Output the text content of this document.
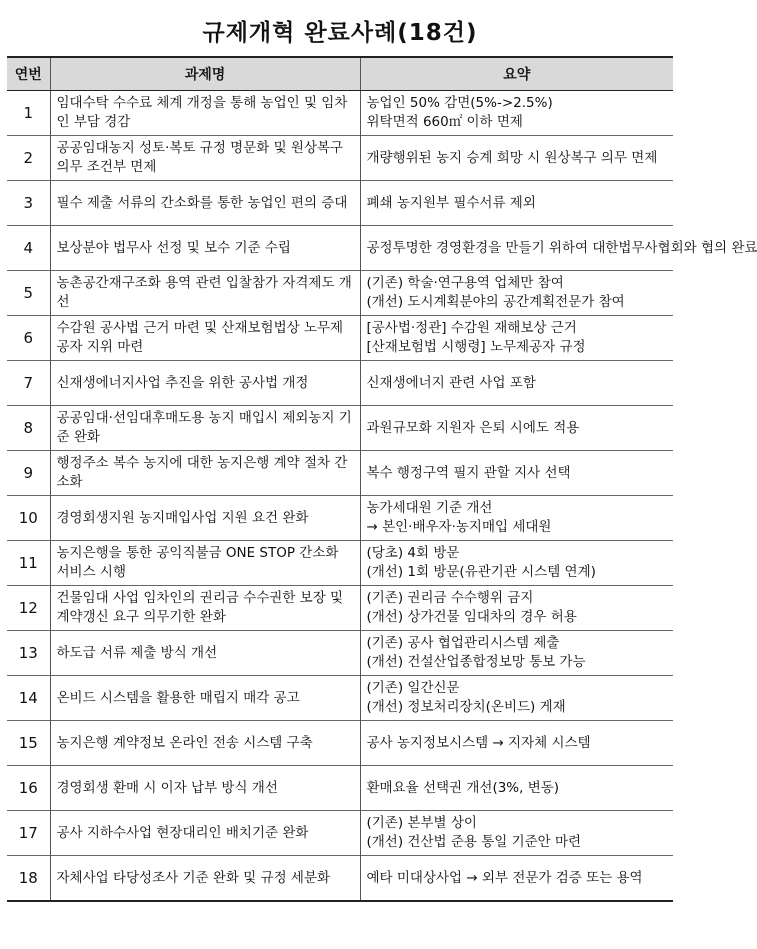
규제개혁 완료사례(18건)
연번	과제명	요약
1	임대수탁 수수료 체계 개정을 통해 농업인 및 임차인 부담 경감	농업인 50% 감면(5%->2.5%)
위탁면적 660㎡ 이하 면제

2	공공임대농지 성토·복토 규정 명문화 및 원상복구 의무 조건부 면제	개량행위된 농지 승계 희망 시 원상복구 의무 면제

3	필수 제출 서류의 간소화를 통한 농업인 편의 증대	폐쇄 농지원부 필수서류 제외

4	보상분야 법무사 선정 및 보수 기준 수립	공정투명한 경영환경을 만들기 위하여 대한법무사협회와 협의 완료

5	농촌공간재구조화 용역 관련 입찰참가 자격제도 개선	(기존) 학술·연구용역 업체만 참여
(개선) 도시계획분야의 공간계획전문가 참여

6	수감원 공사법 근거 마련 및 산재보험법상 노무제공자 지위 마련	[공사법·정관] 수감원 재해보상 근거
[산재보험법 시행령] 노무제공자 규정

7	신재생에너지사업 추진을 위한 공사법 개정	신재생에너지 관련 사업 포함

8	공공임대·선임대후매도용 농지 매입시 제외농지 기준 완화	과원규모화 지원자 은퇴 시에도 적용

9	행정주소 복수 농지에 대한 농지은행 계약 절차 간소화	복수 행정구역 필지 관할 지사 선택

10	경영회생지원 농지매입사업 지원 요건 완화	농가세대원 기준 개선
→ 본인·배우자·농지매입 세대원

11	농지은행을 통한 공익직불금 ONE STOP 간소화 서비스 시행	(당초) 4회 방문
(개선) 1회 방문(유관기관 시스템 연계)

12	건물임대 사업 임차인의 권리금 수수권한 보장 및 계약갱신 요구 의무기한 완화	(기존) 권리금 수수행위 금지
(개선) 상가건물 임대차의 경우 허용

13	하도급 서류 제출 방식 개선	(기존) 공사 협업관리시스템 제출
(개선) 건설산업종합정보망 통보 가능

14	온비드 시스템을 활용한 매립지 매각 공고	(기존) 일간신문
(개선) 정보처리장치(온비드) 게재

15	농지은행 계약정보 온라인 전송 시스템 구축	공사 농지정보시스템 → 지자체 시스템

16	경영회생 환매 시 이자 납부 방식 개선	환매요율 선택권 개선(3%, 변동)

17	공사 지하수사업 현장대리인 배치기준 완화	(기존) 본부별 상이
(개선) 건산법 준용 통일 기준안 마련

18	자체사업 타당성조사 기준 완화 및 규정 세분화	예타 미대상사업 → 외부 전문가 검증 또는 용역
